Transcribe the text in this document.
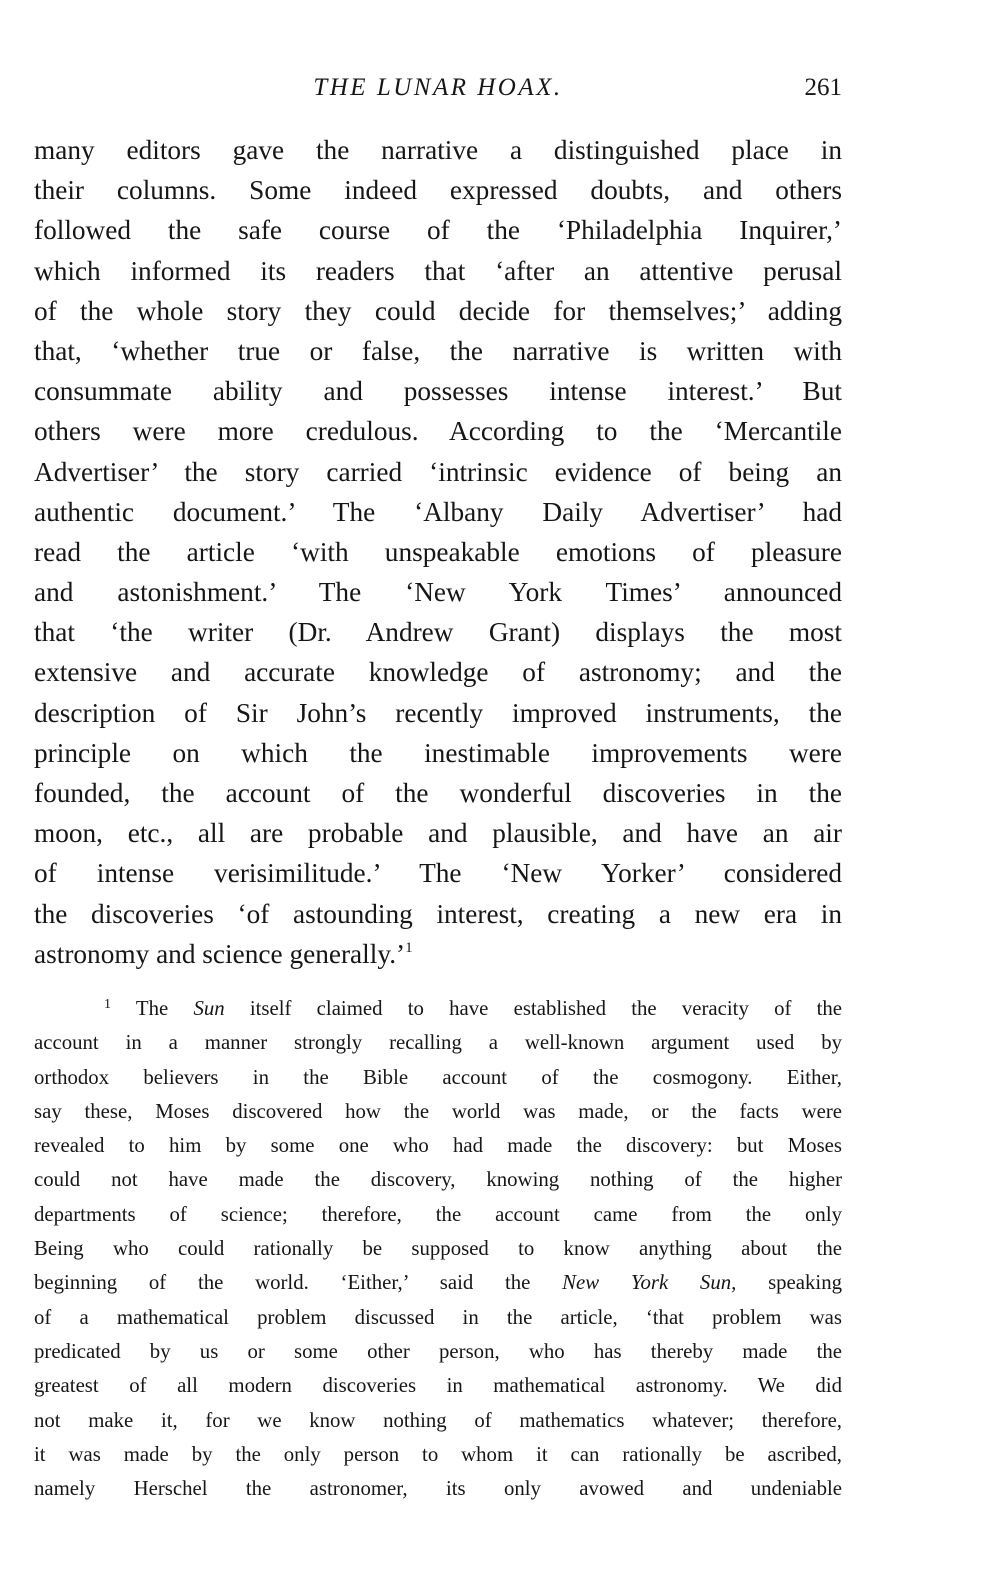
THE LUNAR HOAX.	261
many editors gave the narrative a distinguished place in
their columns. Some indeed expressed doubts, and others
followed the safe course of the ‘Philadelphia Inquirer,’
which informed its readers that ‘after an attentive perusal
of the whole story they could decide for themselves;’ adding
that, ‘whether true or false, the narrative is written with
consummate ability and possesses intense interest.’ But
others were more credulous. According to the ‘Mercantile
Advertiser’ the story carried ‘intrinsic evidence of being an
authentic document.’ The ‘Albany Daily Advertiser’ had
read the article ‘with unspeakable emotions of pleasure
and astonishment.’ The ‘New York Times’ announced
that ‘the writer (Dr. Andrew Grant) displays the most
extensive and accurate knowledge of astronomy; and the
description of Sir John’s recently improved instruments, the
principle on which the inestimable improvements were
founded, the account of the wonderful discoveries in the
moon, etc., all are probable and plausible, and have an air
of intense verisimilitude.’ The ‘New Yorker’ considered
the discoveries ‘of astounding interest, creating a new era in
astronomy and science generally.’$^1$
$^1$ The Sun itself claimed to have established the veracity of the
account in a manner strongly recalling a well-known argument used by
orthodox believers in the Bible account of the cosmogony. Either,
say these, Moses discovered how the world was made, or the facts were
revealed to him by some one who had made the discovery: but Moses
could not have made the discovery, knowing nothing of the higher
departments of science; therefore, the account came from the only
Being who could rationally be supposed to know anything about the
beginning of the world. ‘Either,’ said the New York Sun, speaking
of a mathematical problem discussed in the article, ‘that problem was
predicated by us or some other person, who has thereby made the
greatest of all modern discoveries in mathematical astronomy. We did
not make it, for we know nothing of mathematics whatever; therefore,
it was made by the only person to whom it can rationally be ascribed,
namely Herschel the astronomer, its only avowed and undeniable
